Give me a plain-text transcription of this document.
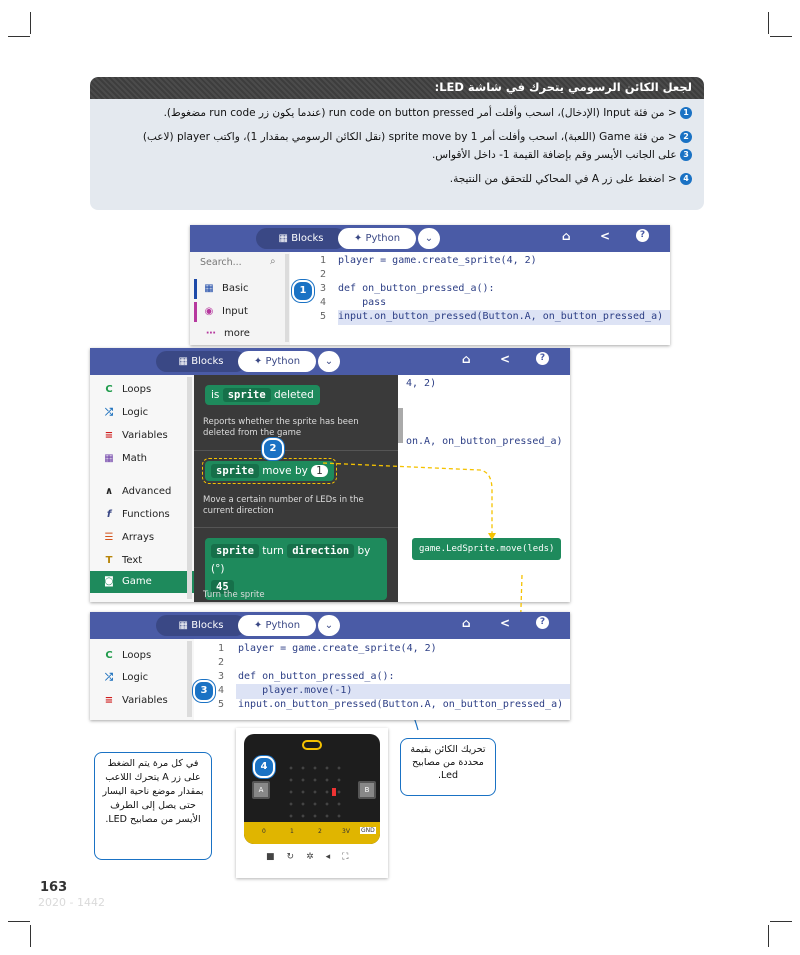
لجعل الكائن الرسومي يتحرك في شاشة LED:
1 < من فئة Input (الإدخال)، اسحب وأفلت أمر run code on button pressed (عندما يكون زر run code مضغوط).
2 < من فئة Game (اللعبة)، اسحب وأفلت أمر sprite move by 1 (نقل الكائن الرسومي بمقدار 1)، واكتب player (لاعب)
3 على الجانب الأيسر وقم بإضافة القيمة 1- داخل الأقواس.
4 < اضغط على زر A في المحاكي للتحقق من النتيجة.
▦ Blocks	✦ Python	⌄	⌂ <	?
Search...	⌕
▦ Basic
◉ Input
⋯ more
1 player = game.create_sprite(4, 2)
2
3 def on_button_pressed_a():
4 pass
5 input.on_button_pressed(Button.A, on_button_pressed_a)
1
▦ Blocks	✦ Python	⌄	⌂ <	?
C Loops
⤮ Logic
≡ Variables
▦ Math
∧ Advanced
f Functions
☰ Arrays
T Text
◙ Game
is sprite deleted
Reports whether the sprite has been deleted from the game
sprite move by 1
Move a certain number of LEDs in the current direction
sprite turn direction by (°)
45
Turn the sprite
4, 2)
on.A, on_button_pressed_a)
game.LedSprite.move(leds)
2
▦ Blocks	✦ Python	⌄	⌂ <	?
C Loops
⤮ Logic
≡ Variables
1 player = game.create_sprite(4, 2)
2
3 def on_button_pressed_a():
4 player.move(-1)
5 input.on_button_pressed(Button.A, on_button_pressed_a)
3
A	B
0	1	2	3V GND
■↻✲◂⛶
4
في كل مرة يتم الضغط على زر A يتحرك اللاعب بمقدار موضع ناحية اليسار حتى يصل إلى الطرف الأيسر من مصابيح LED.
تحريك الكائن بقيمة محددة من مصابيح Led.
163
2020 - 1442
